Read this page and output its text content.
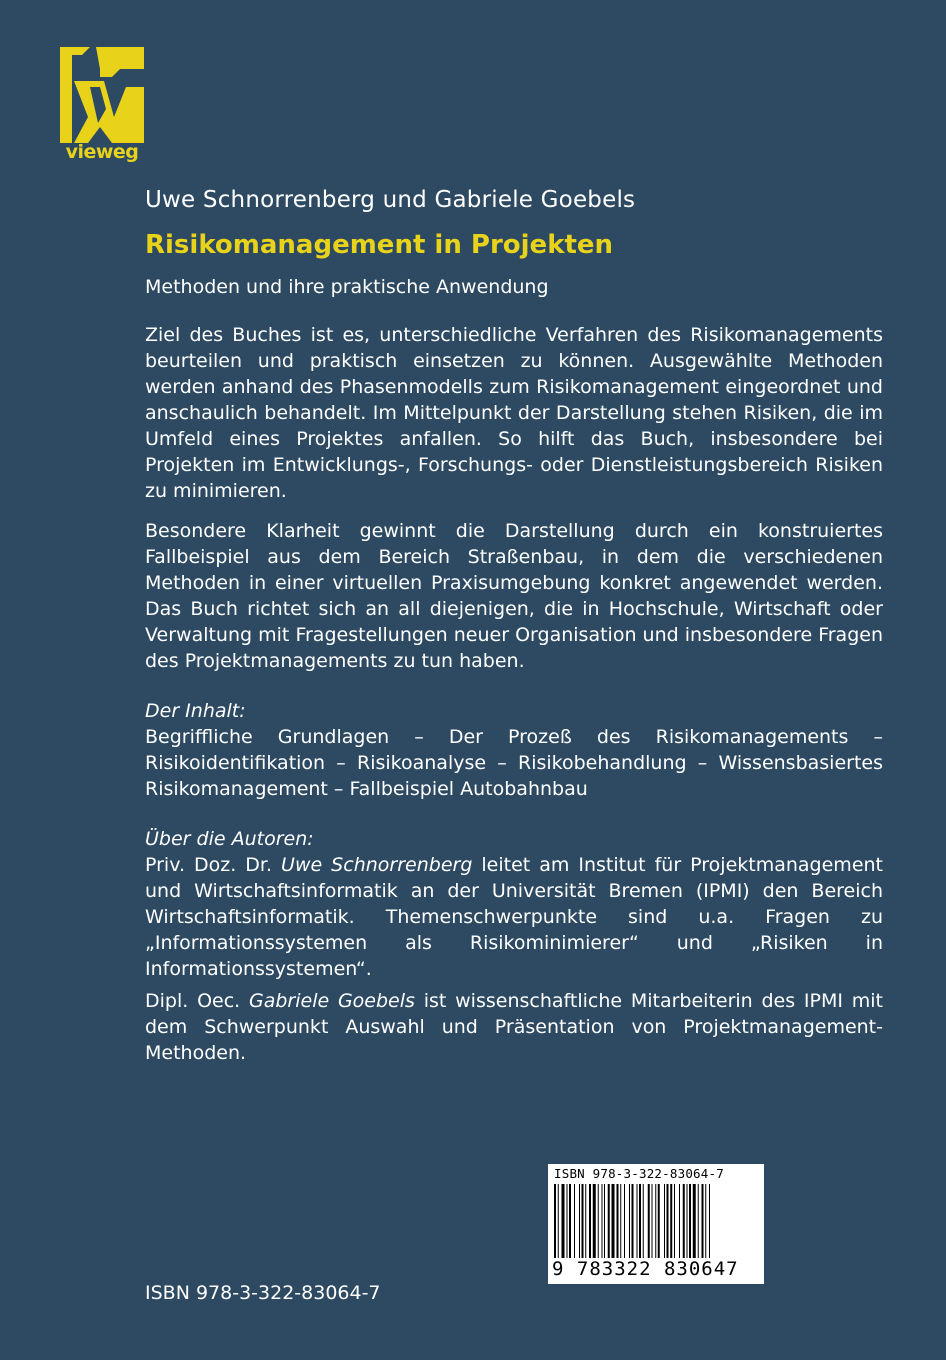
vieweg

Uwe Schnorrenberg und Gabriele Goebels

Risikomanagement in Projekten

Methoden und ihre praktische Anwendung

Ziel des Buches ist es, unterschiedliche Verfahren des Risikomanagements beurteilen und praktisch einsetzen zu können. Ausgewählte Methoden werden anhand des Phasenmodells zum Risikomanagement eingeordnet und anschaulich behandelt. Im Mittelpunkt der Darstellung stehen Risiken, die im Umfeld eines Projektes anfallen. So hilft das Buch, insbesondere bei Projekten im Entwicklungs-, Forschungs- oder Dienstleistungsbereich Risiken zu minimieren.

Besondere Klarheit gewinnt die Darstellung durch ein konstruiertes Fallbeispiel aus dem Bereich Straßenbau, in dem die verschiedenen Methoden in einer virtuellen Praxisumgebung konkret angewendet werden. Das Buch richtet sich an all diejenigen, die in Hochschule, Wirtschaft oder Verwaltung mit Fragestellungen neuer Organisation und insbesondere Fragen des Projektmanagements zu tun haben.

Der Inhalt:

Begriffliche Grundlagen – Der Prozeß des Risikomanagements – Risikoidentifikation – Risikoanalyse – Risikobehandlung – Wissensbasiertes Risikomanagement – Fallbeispiel Autobahnbau

Über die Autoren:

Priv. Doz. Dr. Uwe Schnorrenberg leitet am Institut für Projektmanagement und Wirtschaftsinformatik an der Universität Bremen (IPMI) den Bereich Wirtschaftsinformatik. Themenschwerpunkte sind u.a. Fragen zu „Informationssystemen als Risikominimierer“ und „Risiken in Informationssystemen“.

Dipl. Oec. Gabriele Goebels ist wissenschaftliche Mitarbeiterin des IPMI mit dem Schwerpunkt Auswahl und Präsentation von Projektmanagement-Methoden.

ISBN 978-3-322-83064-7
9 783322 830647
ISBN 978-3-322-83064-7
